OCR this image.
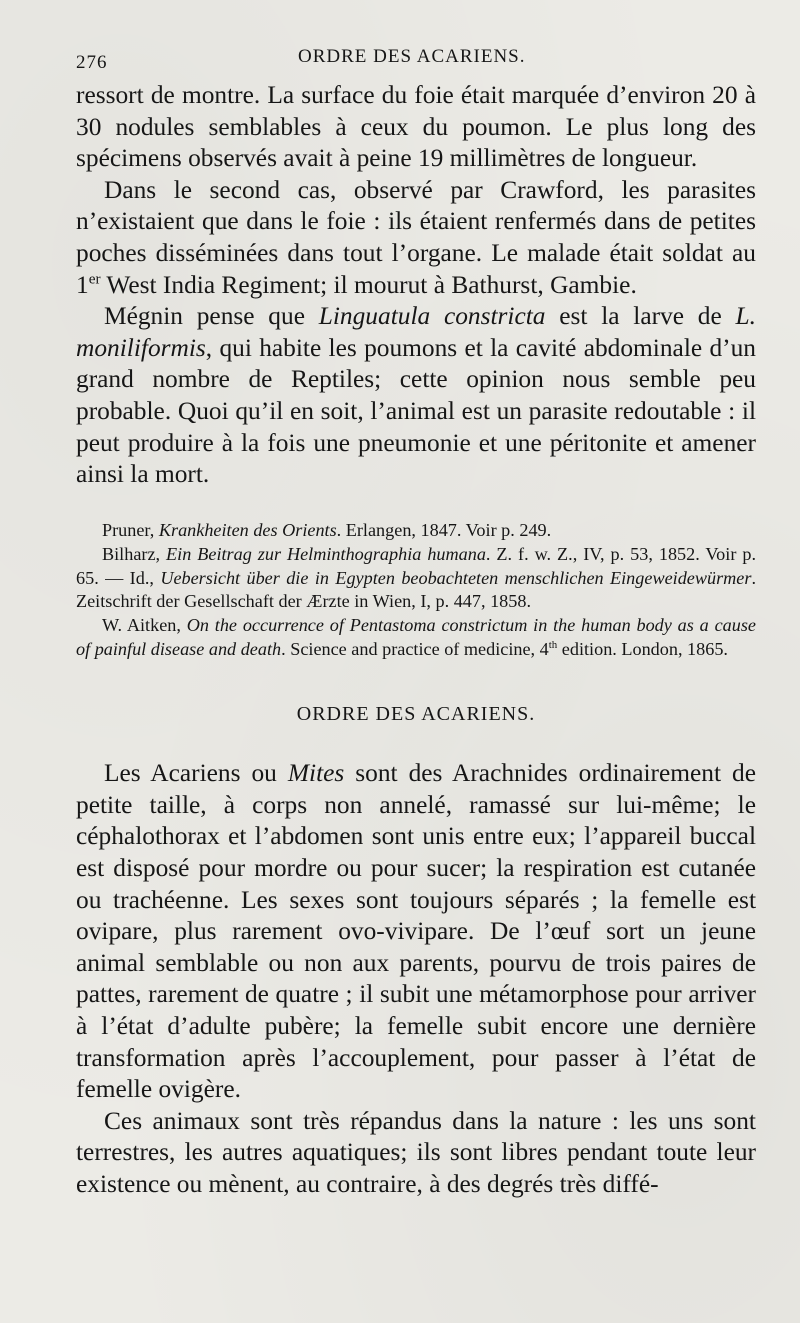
276	ORDRE DES ACARIENS.

ressort de montre. La surface du foie était marquée d’environ 20 à 30 nodules semblables à ceux du poumon. Le plus long des spécimens observés avait à peine 19 millimètres de longueur.

Dans le second cas, observé par Crawford, les parasites n’existaient que dans le foie : ils étaient renfermés dans de petites poches disséminées dans tout l’organe. Le malade était soldat au 1er West India Regiment; il mourut à Bathurst, Gambie.

Mégnin pense que Linguatula constricta est la larve de L. moniliformis, qui habite les poumons et la cavité abdominale d’un grand nombre de Reptiles; cette opinion nous semble peu probable. Quoi qu’il en soit, l’animal est un parasite redoutable : il peut produire à la fois une pneumonie et une péritonite et amener ainsi la mort.

Pruner, Krankheiten des Orients. Erlangen, 1847. Voir p. 249.

Bilharz, Ein Beitrag zur Helminthographia humana. Z. f. w. Z., IV, p. 53, 1852. Voir p. 65. — Id., Uebersicht über die in Egypten beobachteten menschlichen Eingeweidewürmer. Zeitschrift der Gesellschaft der Ærzte in Wien, I, p. 447, 1858.

W. Aitken, On the occurrence of Pentastoma constrictum in the human body as a cause of painful disease and death. Science and practice of medicine, 4th edition. London, 1865.

ORDRE DES ACARIENS.

Les Acariens ou Mites sont des Arachnides ordinairement de petite taille, à corps non annelé, ramassé sur lui-même; le céphalothorax et l’abdomen sont unis entre eux; l’appareil buccal est disposé pour mordre ou pour sucer; la respiration est cutanée ou trachéenne. Les sexes sont toujours séparés ; la femelle est ovipare, plus rarement ovo-vivipare. De l’œuf sort un jeune animal semblable ou non aux parents, pourvu de trois paires de pattes, rarement de quatre ; il subit une métamorphose pour arriver à l’état d’adulte pubère; la femelle subit encore une dernière transformation après l’accouplement, pour passer à l’état de femelle ovigère.

Ces animaux sont très répandus dans la nature : les uns sont terrestres, les autres aquatiques; ils sont libres pendant toute leur existence ou mènent, au contraire, à des degrés très diffé-
